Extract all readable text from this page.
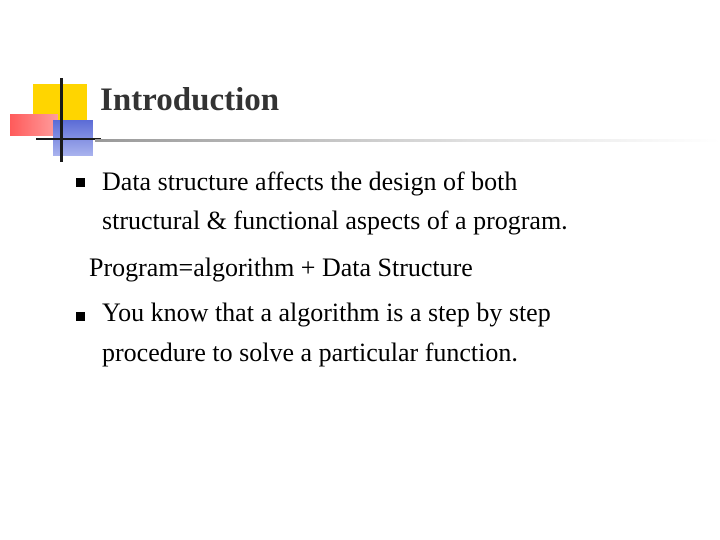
Introduction
Data structure affects the design of both
structural & functional aspects of a program.
Program=algorithm + Data Structure
You know that a algorithm is a step by step
procedure to solve a particular function.
